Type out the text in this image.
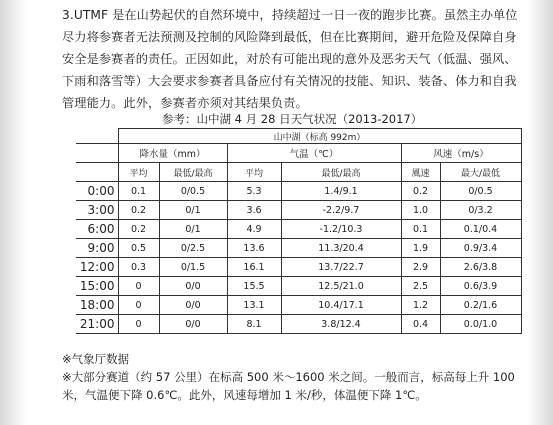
3.UTMF 是在山势起伏的自然环境中，持续超过一日一夜的跑步比赛。虽然主办单位
尽力将参赛者无法预测及控制的风险降到最低，但在比赛期间，避开危险及保障自身
安全是参赛者的责任。正因如此，对於有可能出现的意外及恶劣天气（低温、强风、
下雨和落雪等）大会要求参赛者具备应付有关情况的技能、知识、装备、体力和自我
管理能力。此外，参赛者亦须对其结果负责。
参考：山中湖 4 月 28 日天气状况（2013-2017）
	山中湖（标高 992m）					
	降水量（mm）		气温（℃）		风速（m/s）	
	平均	最低/最高	平均	最低/最高	風速	最大/最低
0:00	0.1	0/0.5	5.3	1.4/9.1	0.2	0/0.5
3:00	0.2	0/1	3.6	-2.2/9.7	1.0	0/3.2
6:00	0.2	0/1	4.9	-1.2/10.3	0.1	0.1/0.4
9:00	0.5	0/2.5	13.6	11.3/20.4	1.9	0.9/3.4
12:00	0.3	0/1.5	16.1	13.7/22.7	2.9	2.6/3.8
15:00	0	0/0	15.5	12.5/21.0	2.5	0.6/3.9
18:00	0	0/0	13.1	10.4/17.1	1.2	0.2/1.6
21:00	0	0/0	8.1	3.8/12.4	0.4	0.0/1.0
※气象厅数据
※大部分赛道（约 57 公里）在标高 500 米～1600 米之间。一般而言，标高每上升 100
米，气温便下降 0.6℃。此外，风速每增加 1 米/秒，体温便下降 1℃。
